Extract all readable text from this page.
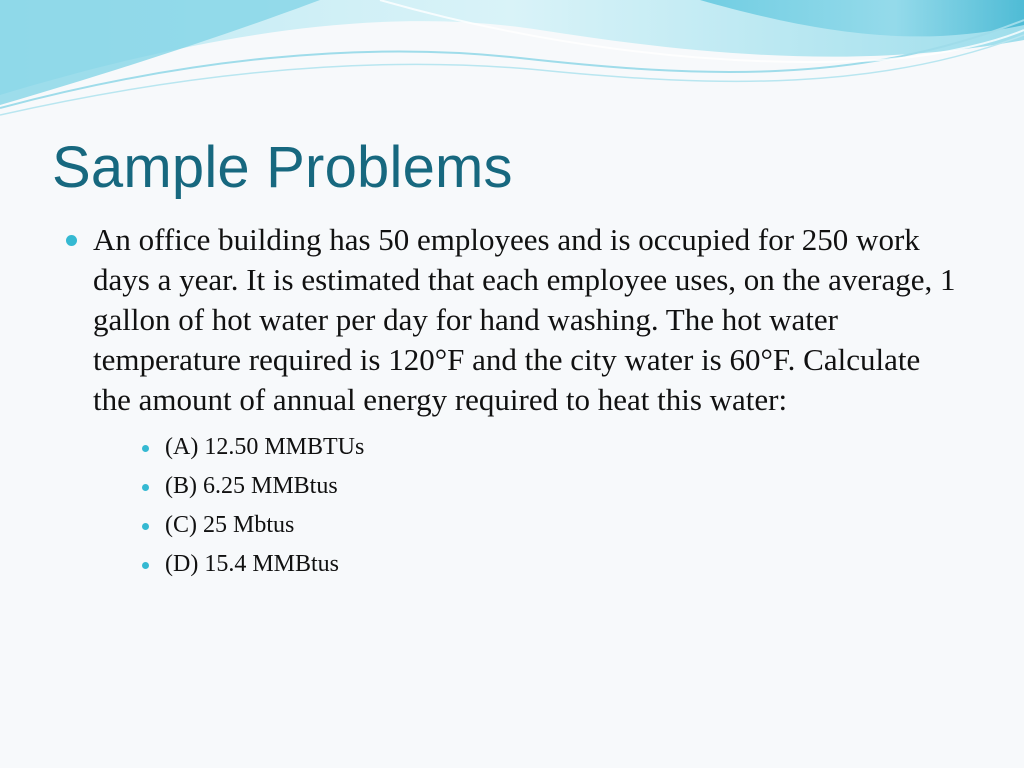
Sample Problems
An office building has 50 employees and is occupied for 250 work days a year. It is estimated that each employee uses, on the average, 1 gallon of hot water per day for hand washing. The hot water temperature required is 120°F and the city water is 60°F. Calculate the amount of annual energy required to heat this water:
(A) 12.50 MMBTUs
(B) 6.25 MMBtus
(C) 25 Mbtus
(D) 15.4 MMBtus
